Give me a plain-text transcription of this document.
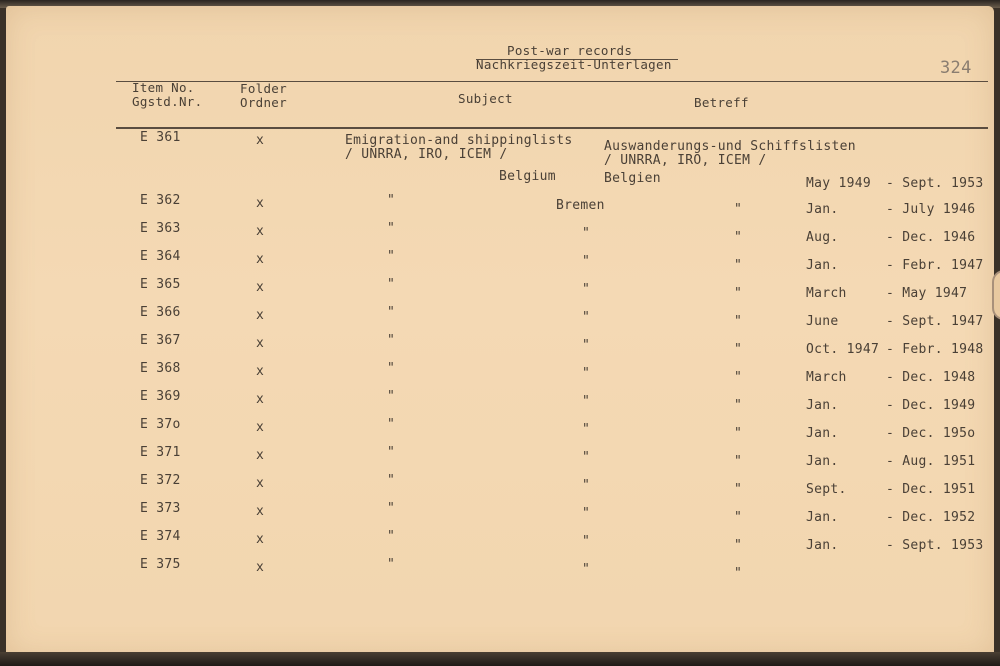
Post-war records
Nachkriegszeit-Unterlagen	324
Item No.
Ggstd.Nr.
Folder
Ordner	Subject	Betreff
E 361	x	Emigration-and shippinglists
/ UNRRA, IRO, ICEM /
Auswanderungs-und Schiffslisten
/ UNRRA, IRO, ICEM /
Belgium	Belgien	May 1949 - Sept. 1953
E 362	x	"	Bremen	"	Jan.	- July 1946
E 363	x	"	"	"	Aug.	- Dec. 1946
E 364	x	"	"	"	Jan.	- Febr. 1947
E 365	x	"	"	"	March	- May 1947
E 366	x	"	"	"	June	- Sept. 1947
E 367	x	"	"	"	Oct. 1947 - Febr. 1948
E 368	x	"	"	"	March	- Dec. 1948
E 369	x	"	"	"	Jan.	- Dec. 1949
E 37o	x	"	"	"	Jan.	- Dec. 195o
E 371	x	"	"	"	Jan.	- Aug. 1951
E 372	x	"	"	"	Sept.	- Dec. 1951
E 373	x	"	"	"	Jan.	- Dec. 1952
E 374	x	"	"	"	Jan.	- Sept. 1953
E 375	x	"	"	"
